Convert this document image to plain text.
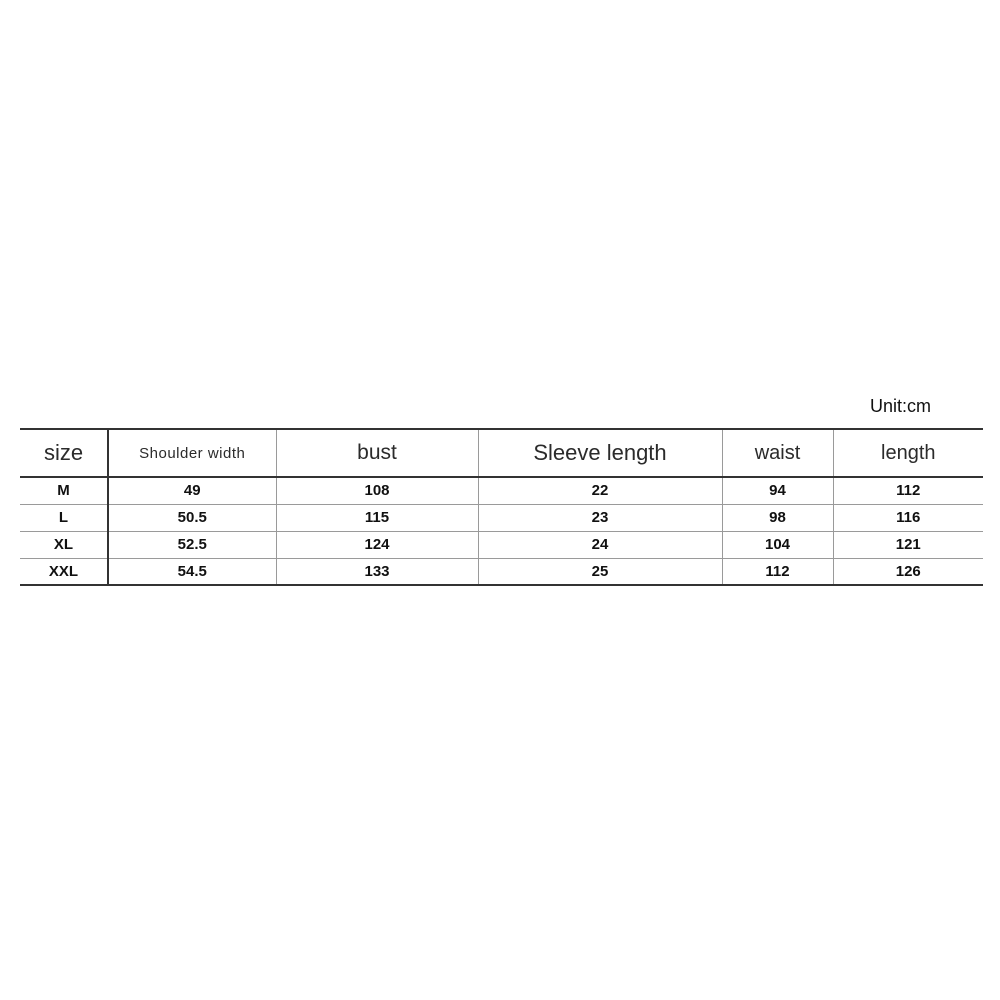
Unit:cm
size	Shoulder width	bust	Sleeve length	waist	length
M	49	108	22	94	112
L	50.5	115	23	98	116
XL	52.5	124	24	104	121
XXL	54.5	133	25	112	126
